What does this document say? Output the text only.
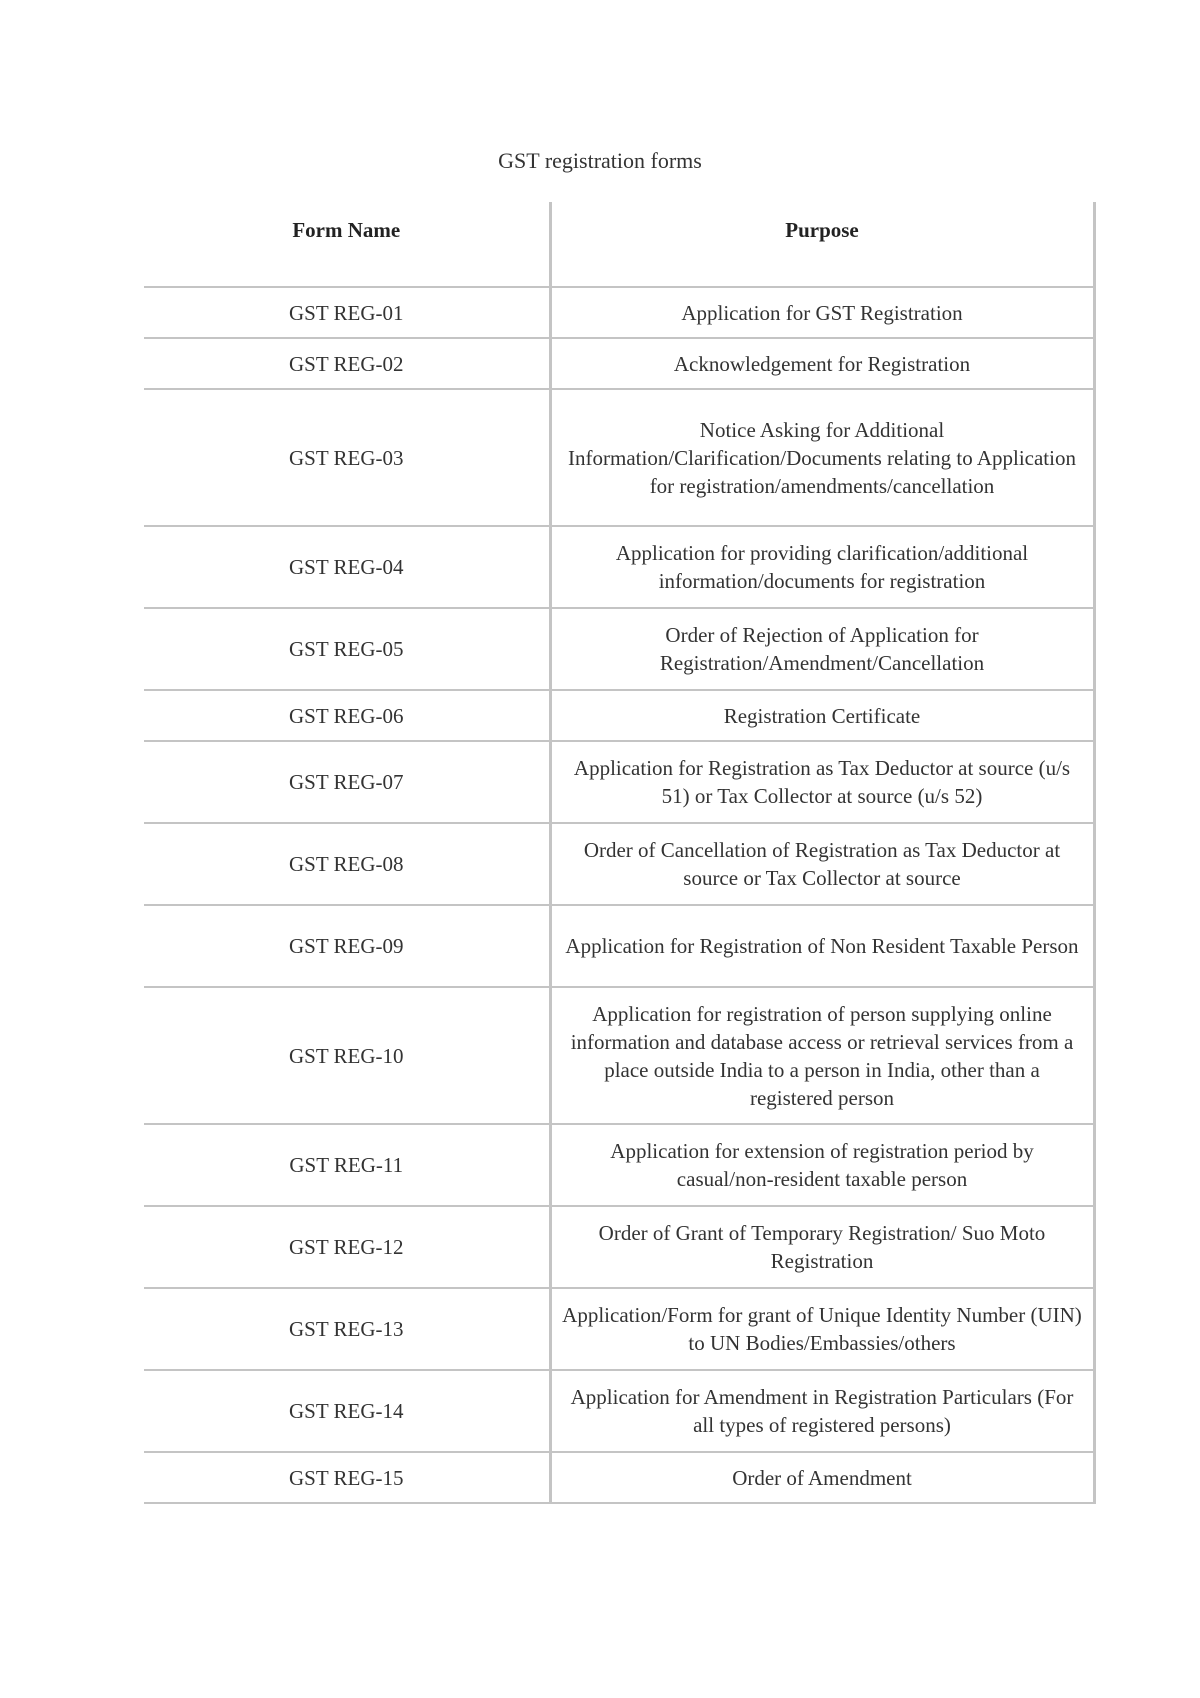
GST registration forms
Form Name	Purpose
GST REG-01	Application for GST Registration
GST REG-02	Acknowledgement for Registration
GST REG-03	Notice Asking for Additional Information/Clarification/Documents relating to Application for registration/amendments/cancellation
GST REG-04	Application for providing clarification/additional information/documents for registration
GST REG-05	Order of Rejection of Application for Registration/Amendment/Cancellation
GST REG-06	Registration Certificate
GST REG-07	Application for Registration as Tax Deductor at source (u/s 51) or Tax Collector at source (u/s 52)
GST REG-08	Order of Cancellation of Registration as Tax Deductor at source or Tax Collector at source
GST REG-09	Application for Registration of Non Resident Taxable Person
GST REG-10	Application for registration of person supplying online information and database access or retrieval services from a place outside India to a person in India, other than a registered person
GST REG-11	Application for extension of registration period by casual/non-resident taxable person
GST REG-12	Order of Grant of Temporary Registration/ Suo Moto Registration
GST REG-13	Application/Form for grant of Unique Identity Number (UIN) to UN Bodies/Embassies/others
GST REG-14	Application for Amendment in Registration Particulars (For all types of registered persons)
GST REG-15	Order of Amendment
